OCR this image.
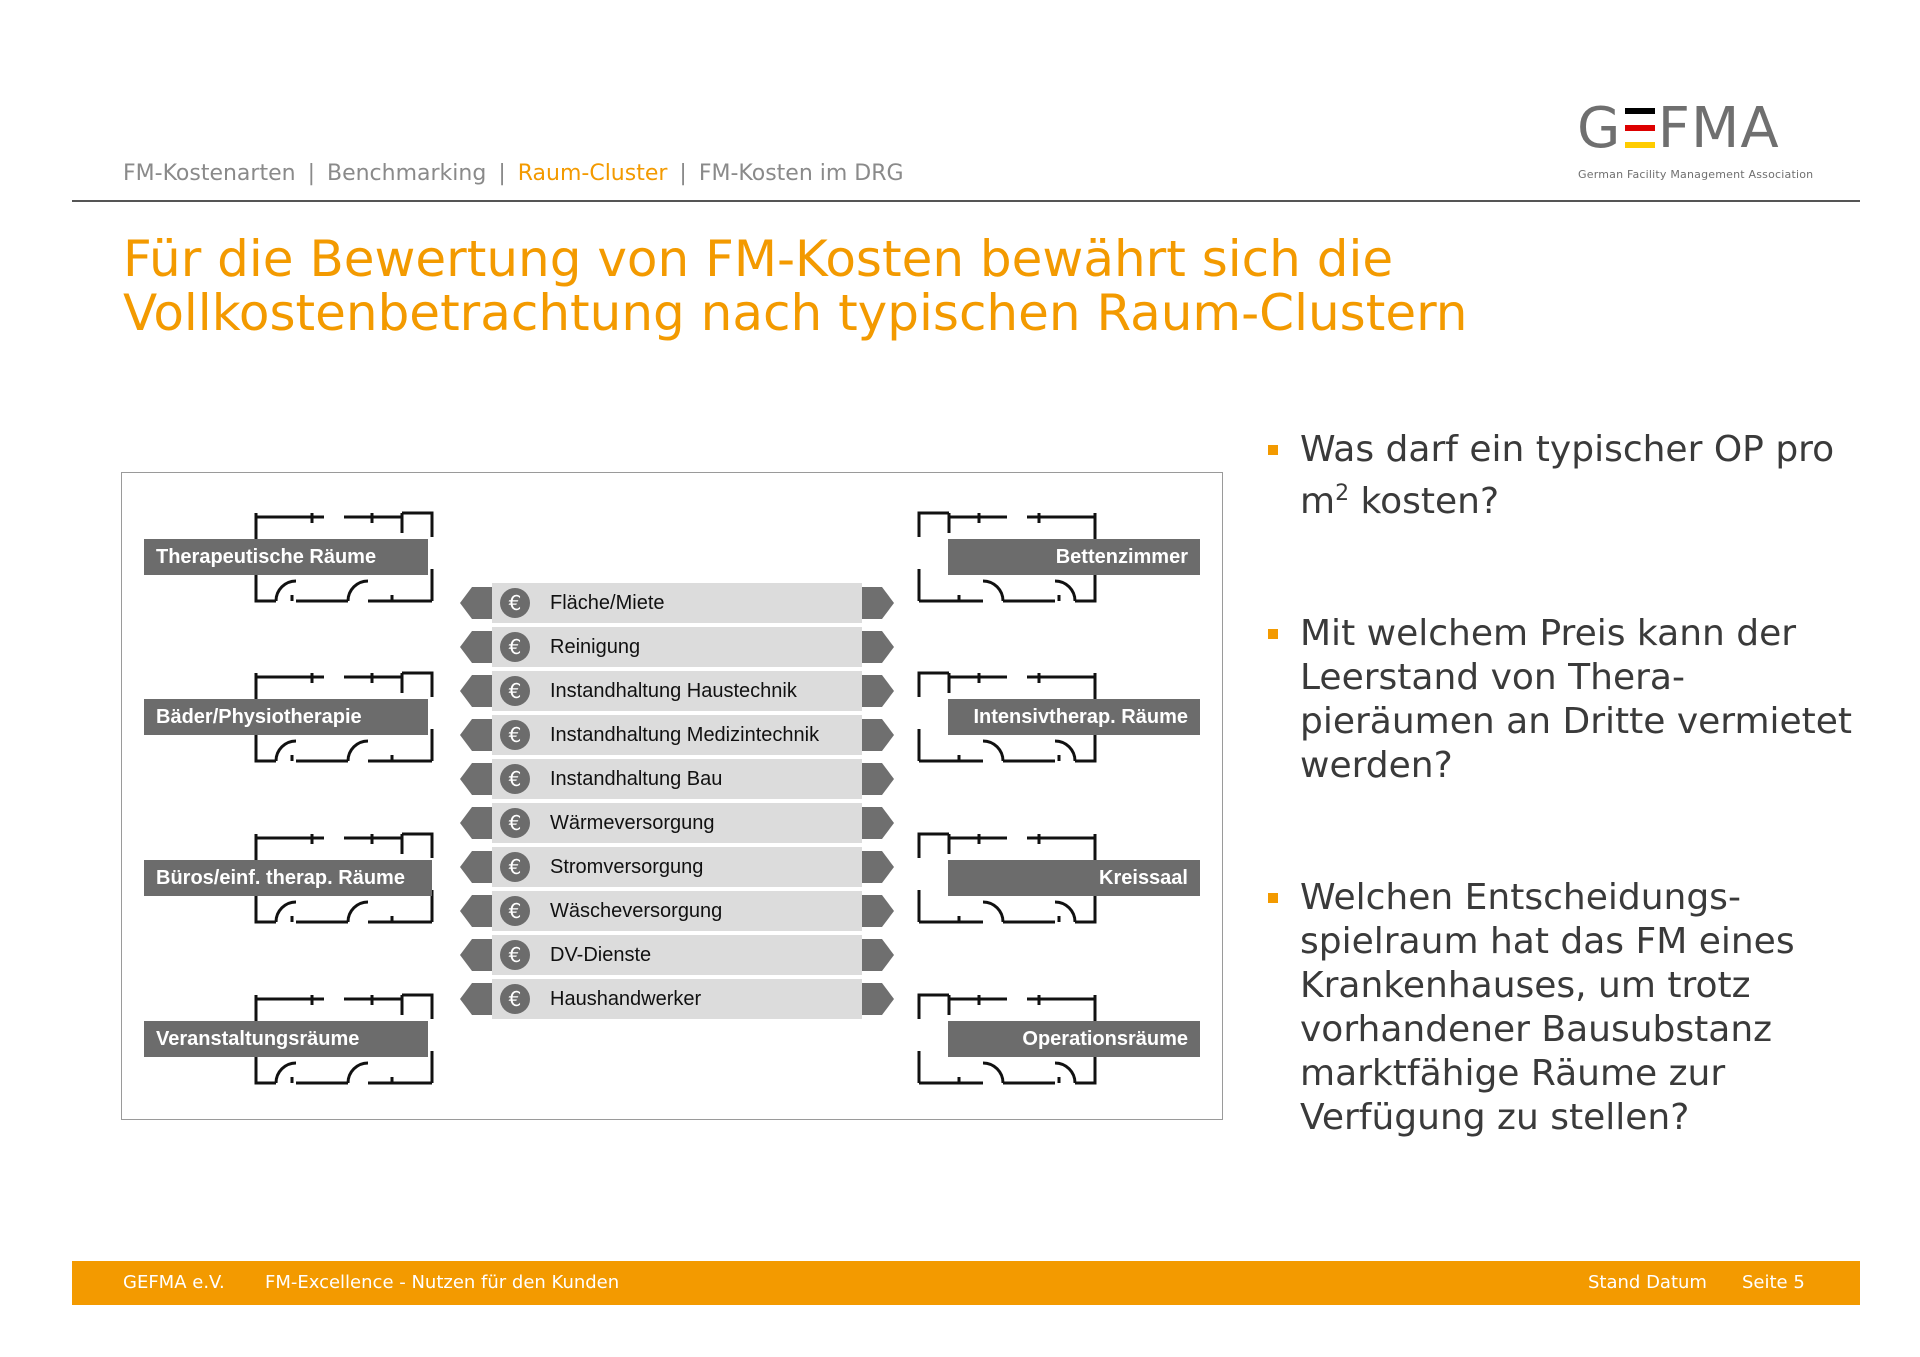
FM-Kostenarten | Benchmarking | Raum-Cluster | FM-Kosten im DRG
G FMA
German Facility Management Association
Für die Bewertung von FM-Kosten bewährt sich die Vollkostenbetrachtung nach typischen Raum-Clustern
Therapeutische Räume
Bäder/Physiotherapie
Büros/einf. therap. Räume
Veranstaltungsräume
Bettenzimmer
Intensivtherap. Räume
Kreissaal
Operationsräume
€	Fläche/Miete
€	Reinigung
€	Instandhaltung Haustechnik
€	Instandhaltung Medizintechnik
€	Instandhaltung Bau
€	Wärmeversorgung
€	Stromversorgung
€	Wäscheversorgung
€	DV-Dienste
€	Haushandwerker
Was darf ein typischer OP pro $m^2$ kosten?
Mit welchem Preis kann der Leerstand von Thera-pieräumen an Dritte vermietet werden?
Welchen Entscheidungs-spielraum hat das FM eines Krankenhauses, um trotz vorhandener Bausubstanz marktfähige Räume zur Verfügung zu stellen?
GEFMA e.V. FM-Excellence - Nutzen für den Kunden	Stand Datum Seite 5
